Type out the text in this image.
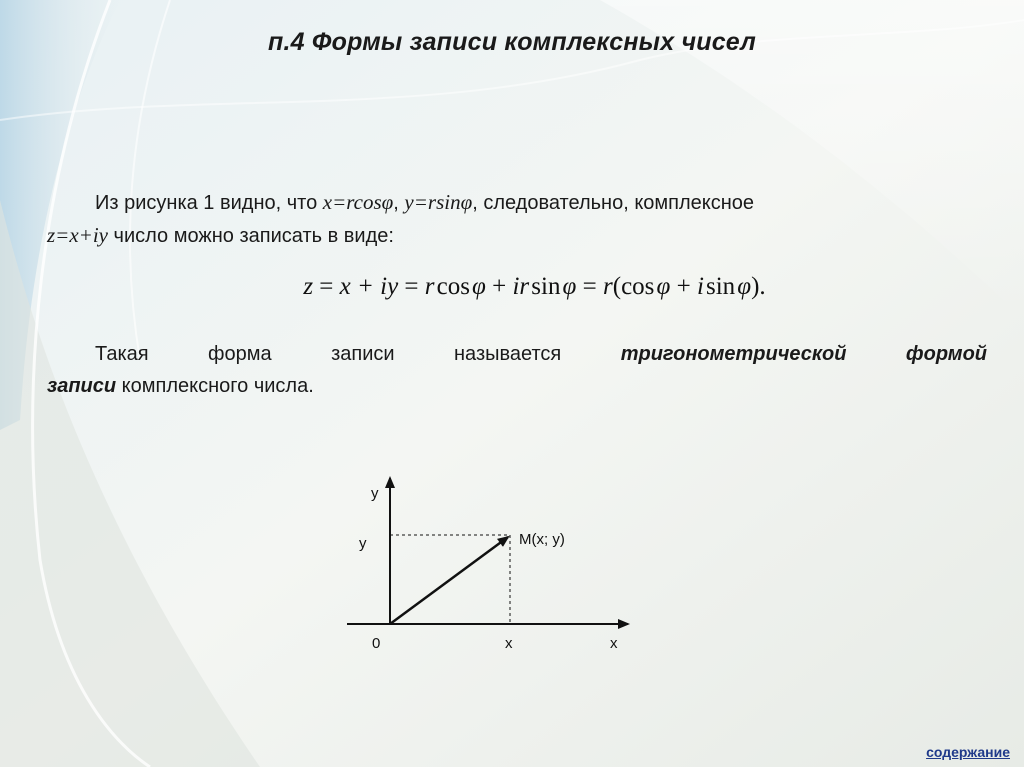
п.4 Формы записи комплексных чисел
Из рисунка 1 видно, что x=rcosφ, y=rsinφ, следовательно, комплексное
z=x+iy число можно записать в виде:
z = x + iy = r cos φ + ir sin φ = r(cos φ + i sin φ).
Такая	форма	записи	называется	тригонометрической	формой
записи комплексного числа.
y
y	M(x; y)
0	x	x
содержание
